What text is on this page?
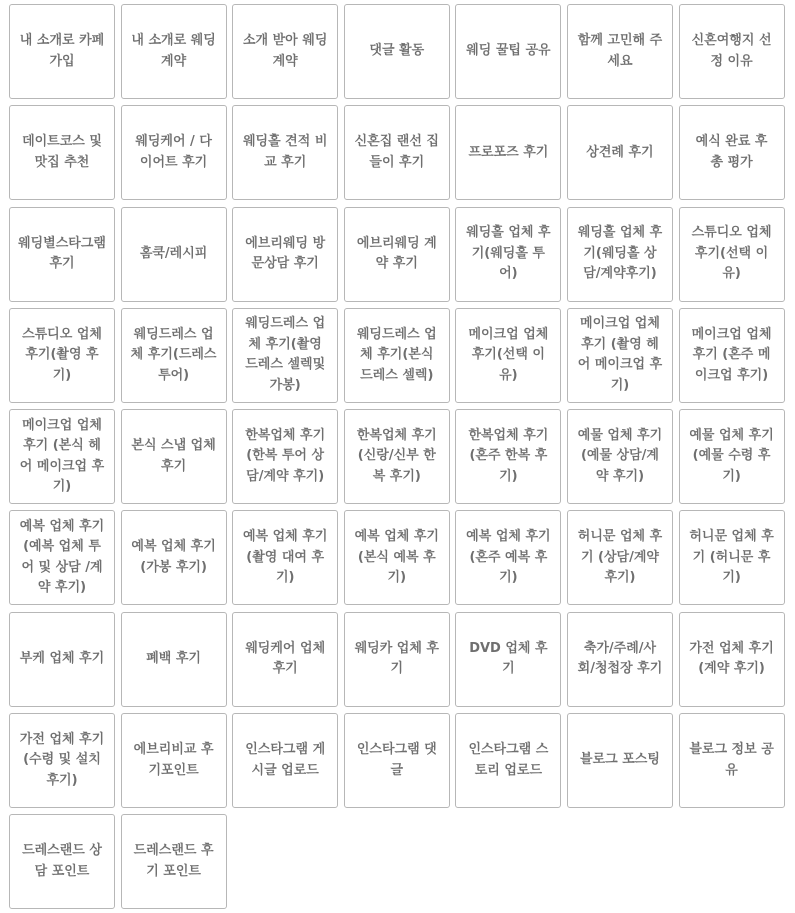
내 소개로 카페 가입
내 소개로 웨딩 계약
소개 받아 웨딩 계약
댓글 활동	웨딩 꿀팁 공유
함께 고민해 주세요
신혼여행지 선정 이유
데이트코스 및 맛집 추천
웨딩케어 / 다이어트 후기
웨딩홀 견적 비교 후기
신혼집 랜선 집들이 후기
프로포즈 후기	상견례 후기
예식 완료 후 총 평가
웨딩별스타그램 후기
홈쿡/레시피
에브리웨딩 방문상담 후기
에브리웨딩 계약 후기
웨딩홀 업체 후기(웨딩홀 투어)
웨딩홀 업체 후기(웨딩홀 상담/계약후기)
스튜디오 업체 후기(선택 이유)
스튜디오 업체 후기(촬영 후기)
웨딩드레스 업체 후기(드레스투어)
웨딩드레스 업체 후기(촬영 드레스 셀렉및 가봉)
웨딩드레스 업체 후기(본식 드레스 셀렉)
메이크업 업체 후기(선택 이유)
메이크업 업체 후기 (촬영 헤어 메이크업 후기)
메이크업 업체 후기 (혼주 메이크업 후기)
메이크업 업체 후기 (본식 헤어 메이크업 후기)
본식 스냅 업체 후기
한복업체 후기 (한복 투어 상담/계약 후기)
한복업체 후기 (신랑/신부 한복 후기)
한복업체 후기 (혼주 한복 후기)
예물 업체 후기 (예물 상담/계약 후기)
예물 업체 후기 (예물 수령 후기)
예복 업체 후기 (예복 업체 투어 및 상담 /계약 후기)
예복 업체 후기 (가봉 후기)
예복 업체 후기 (촬영 대여 후기)
예복 업체 후기 (본식 예복 후기)
예복 업체 후기 (혼주 예복 후기)
허니문 업체 후기 (상담/계약 후기)
허니문 업체 후기 (허니문 후기)
부케 업체 후기	폐백 후기
웨딩케어 업체 후기
웨딩카 업체 후기
DVD 업체 후기
축가/주례/사회/청첩장 후기
가전 업체 후기 (계약 후기)
가전 업체 후기(수령 및 설치 후기)
에브리비교 후기포인트
인스타그램 게시글 업로드
인스타그램 댓글
인스타그램 스토리 업로드
블로그 포스팅
블로그 정보 공유
드레스랜드 상담 포인트
드레스랜드 후기 포인트
